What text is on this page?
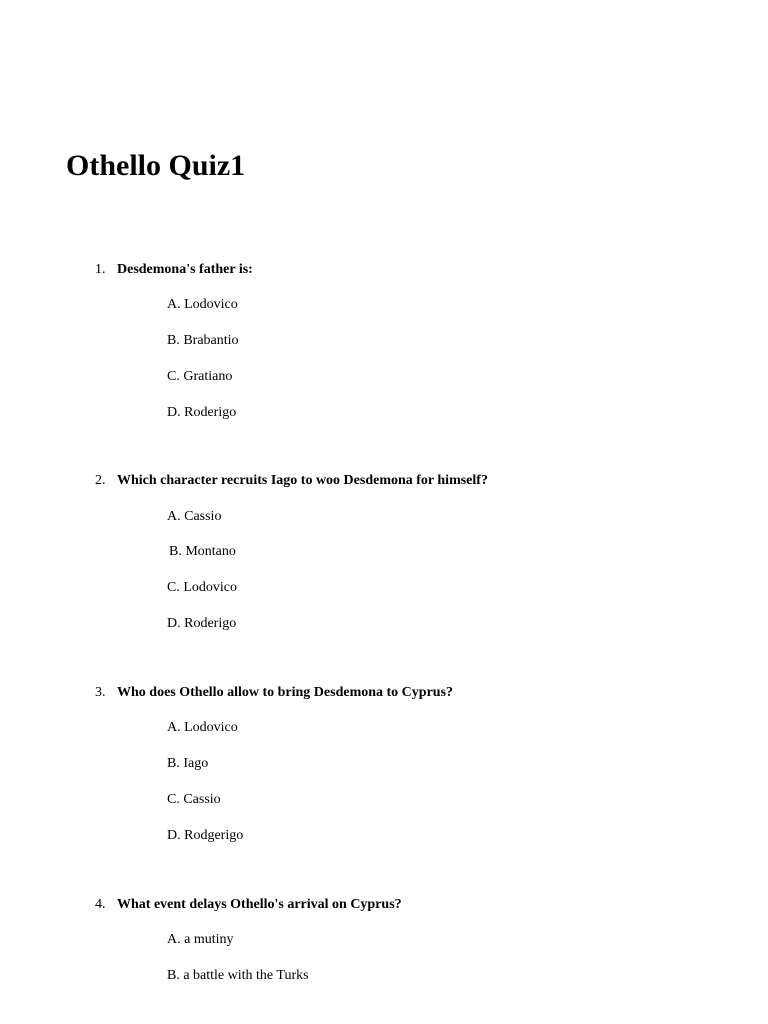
Othello Quiz1
1. Desdemona's father is:
A. Lodovico
B. Brabantio
C. Gratiano
D. Roderigo
2. Which character recruits Iago to woo Desdemona for himself?
A. Cassio
B. Montano
C. Lodovico
D. Roderigo
3. Who does Othello allow to bring Desdemona to Cyprus?
A. Lodovico
B. Iago
C. Cassio
D. Rodgerigo
4. What event delays Othello's arrival on Cyprus?
A. a mutiny
B. a battle with the Turks
